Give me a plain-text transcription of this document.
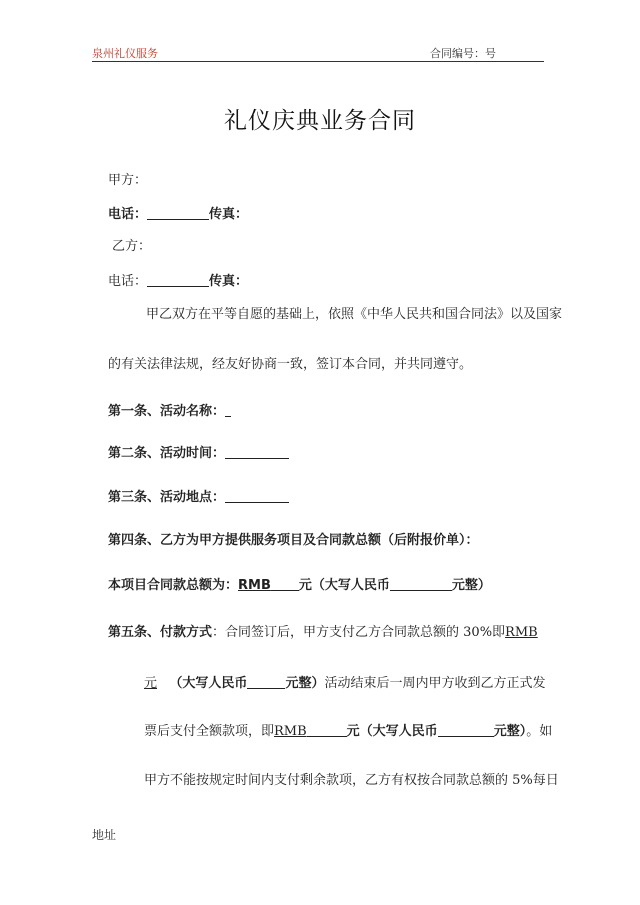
泉州礼仪服务	合同编号：号
礼仪庆典业务合同
甲方：
电话：	传真：
乙方：
电话：	传真：
甲乙双方在平等自愿的基础上，依照《中华人民共和国合同法》以及国家
的有关法律法规，经友好协商一致，签订本合同，并共同遵守。
第一条、活动名称：
第二条、活动时间：
第三条、活动地点：
第四条、乙方为甲方提供服务项目及合同款总额（后附报价单）：
本项目合同款总额为：RMB 元（大写人民币	元整）
第五条、付款方式：合同签订后，甲方支付乙方合同款总额的 30%即RMB
元 （大写人民币	元整）活动结束后一周内甲方收到乙方正式发
票后支付全额款项，即RMB	元（大写人民币	元整）。如
甲方不能按规定时间内支付剩余款项，乙方有权按合同款总额的 5%每日
地址
